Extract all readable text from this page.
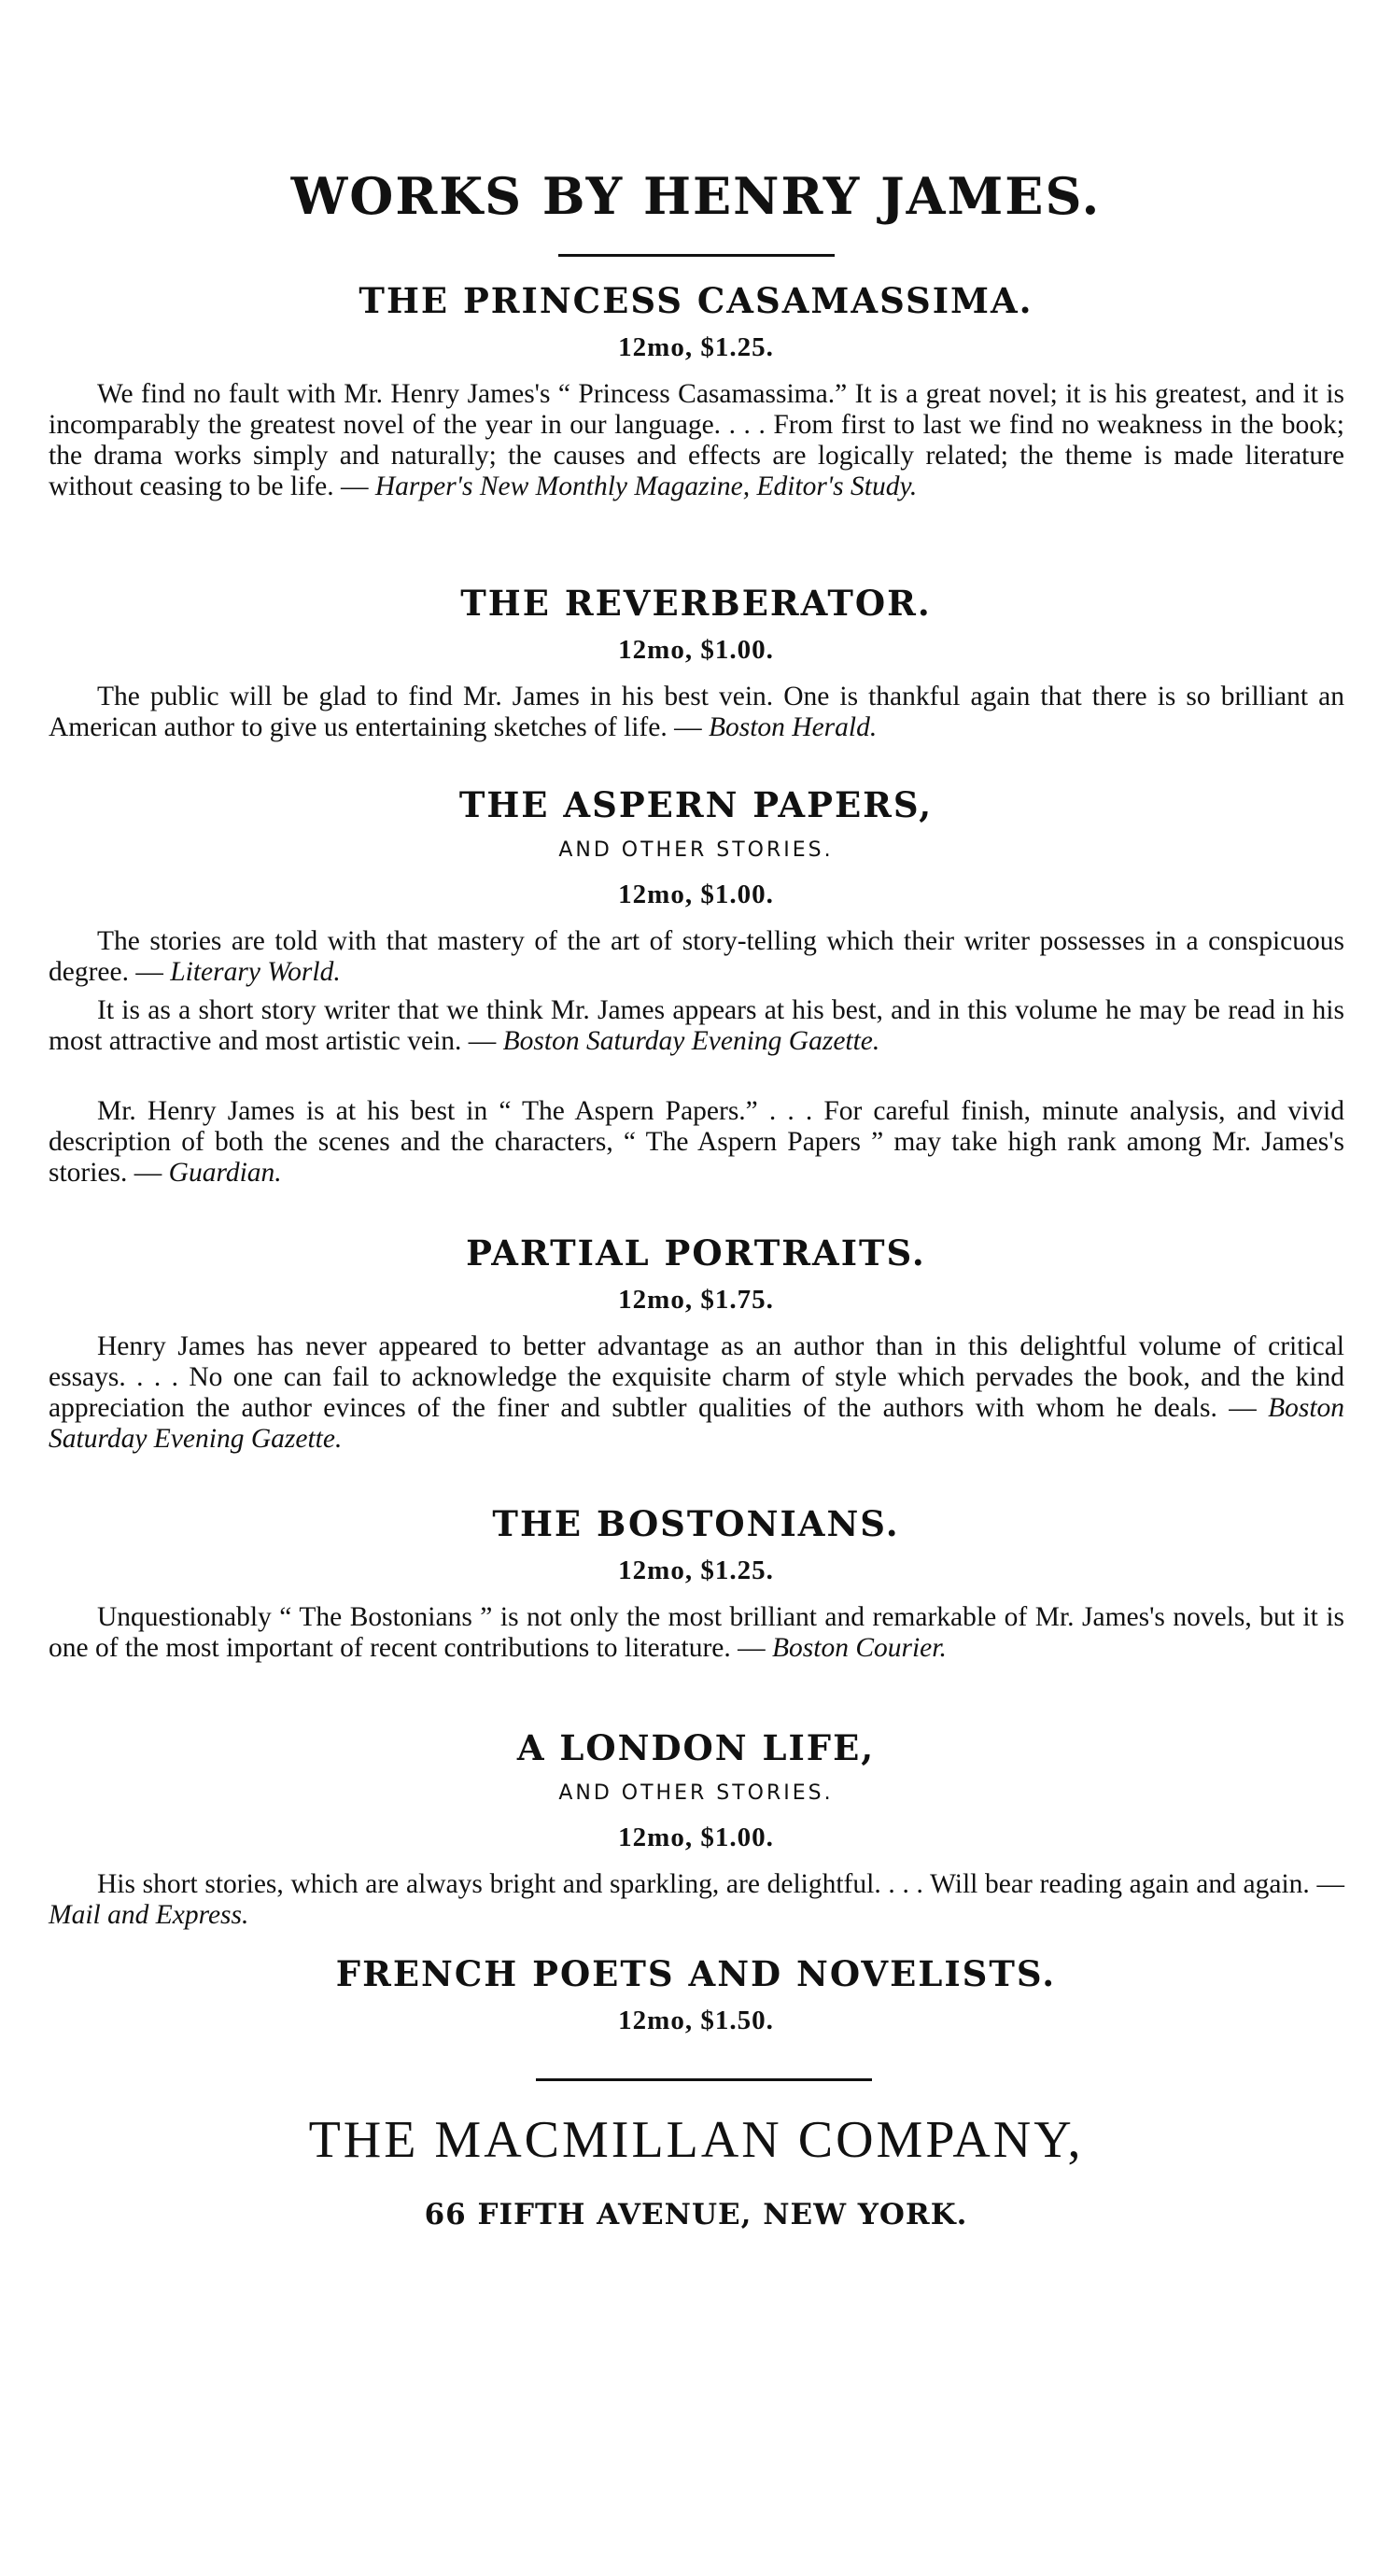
WORKS BY HENRY JAMES.
THE PRINCESS CASAMASSIMA.

12mo, $1.25.

We find no fault with Mr. Henry James's “ Princess Casamassima.” It is a great novel; it is his greatest, and it is incomparably the greatest novel of the year in our language. . . . From first to last we find no weakness in the book; the drama works simply and naturally; the causes and effects are logically related; the theme is made literature without ceasing to be life. — Harper's New Monthly Magazine, Editor's Study.

THE REVERBERATOR.

12mo, $1.00.

The public will be glad to find Mr. James in his best vein. One is thankful again that there is so brilliant an American author to give us entertaining sketches of life. — Boston Herald.

THE ASPERN PAPERS,

AND OTHER STORIES.

12mo, $1.00.

The stories are told with that mastery of the art of story-telling which their writer possesses in a conspicuous degree. — Literary World.

It is as a short story writer that we think Mr. James appears at his best, and in this volume he may be read in his most attractive and most artistic vein. — Boston Saturday Evening Gazette.

Mr. Henry James is at his best in “ The Aspern Papers.” . . . For careful finish, minute analysis, and vivid description of both the scenes and the characters, “ The Aspern Papers ” may take high rank among Mr. James's stories. — Guardian.

PARTIAL PORTRAITS.

12mo, $1.75.

Henry James has never appeared to better advantage as an author than in this delightful volume of critical essays. . . . No one can fail to acknowledge the exquisite charm of style which pervades the book, and the kind appreciation the author evinces of the finer and subtler qualities of the authors with whom he deals. — Boston Saturday Evening Gazette.

THE BOSTONIANS.

12mo, $1.25.

Unquestionably “ The Bostonians ” is not only the most brilliant and remarkable of Mr. James's novels, but it is one of the most important of recent contributions to literature. — Boston Courier.

A LONDON LIFE,

AND OTHER STORIES.

12mo, $1.00.

His short stories, which are always bright and sparkling, are delightful. . . . Will bear reading again and again. — Mail and Express.

FRENCH POETS AND NOVELISTS.

12mo, $1.50.

THE MACMILLAN COMPANY,

66 FIFTH AVENUE, NEW YORK.
